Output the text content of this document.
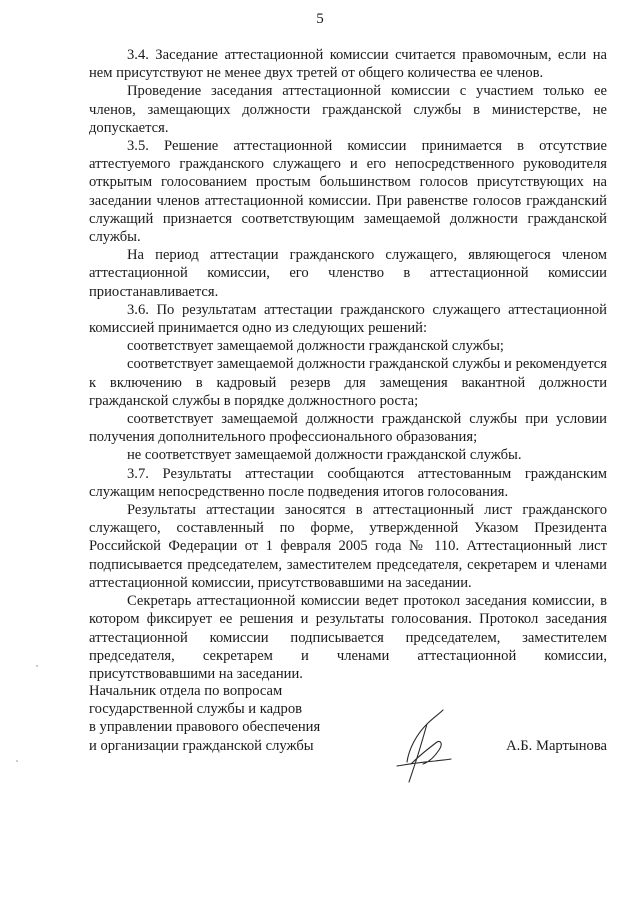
5

3.4. Заседание аттестационной комиссии считается правомочным, если на нем присутствуют не менее двух третей от общего количества ее членов.

Проведение заседания аттестационной комиссии с участием только ее членов, замещающих должности гражданской службы в министерстве, не допускается.

3.5. Решение аттестационной комиссии принимается в отсутствие аттестуемого гражданского служащего и его непосредственного руководителя открытым голосованием простым большинством голосов присутствующих на заседании членов аттестационной комиссии. При равенстве голосов гражданский служащий признается соответствующим замещаемой должности гражданской службы.

На период аттестации гражданского служащего, являющегося членом аттестационной комиссии, его членство в аттестационной комиссии приостанавливается.

3.6. По результатам аттестации гражданского служащего аттестационной комиссией принимается одно из следующих решений:

соответствует замещаемой должности гражданской службы;

соответствует замещаемой должности гражданской службы и рекомендуется к включению в кадровый резерв для замещения вакантной должности гражданской службы в порядке должностного роста;

соответствует замещаемой должности гражданской службы при условии получения дополнительного профессионального образования;

не соответствует замещаемой должности гражданской службы.

3.7. Результаты аттестации сообщаются аттестованным гражданским служащим непосредственно после подведения итогов голосования.

Результаты аттестации заносятся в аттестационный лист гражданского служащего, составленный по форме, утвержденной Указом Президента Российской Федерации от 1 февраля 2005 года № 110. Аттестационный лист подписывается председателем, заместителем председателя, секретарем и членами аттестационной комиссии, присутствовавшими на заседании.

Секретарь аттестационной комиссии ведет протокол заседания комиссии, в котором фиксирует ее решения и результаты голосования. Протокол заседания аттестационной комиссии подписывается председателем, заместителем председателя, секретарем и членами аттестационной комиссии, присутствовавшими на заседании.

Начальник отдела по вопросам
государственной службы и кадров
в управлении правового обеспечения
и организации гражданской службы	А.Б. Мартынова
